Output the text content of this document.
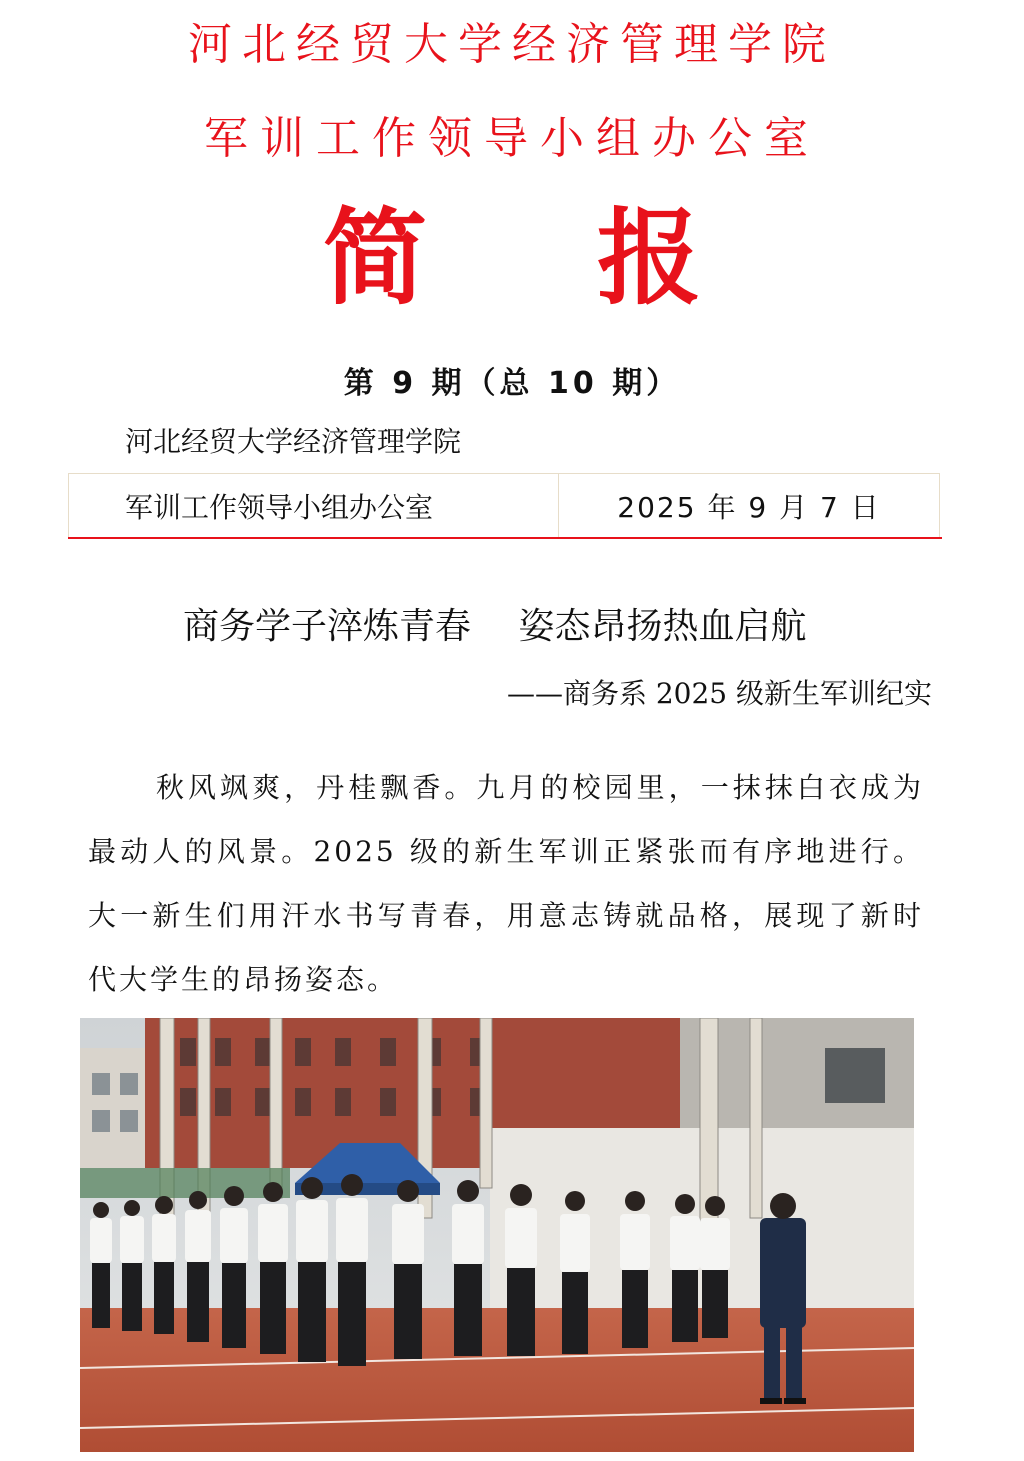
河北经贸大学经济管理学院
军训工作领导小组办公室
简 报
第 9 期（总 10 期）
河北经贸大学经济管理学院
军训工作领导小组办公室	2025 年 9 月 7 日
商务学子淬炼青春　 姿态昂扬热血启航
——商务系 2025 级新生军训纪实
秋风飒爽，丹桂飘香。九月的校园里，一抹抹白衣成为最动人的风景。2025 级的新生军训正紧张而有序地进行。大一新生们用汗水书写青春，用意志铸就品格，展现了新时代大学生的昂扬姿态。
